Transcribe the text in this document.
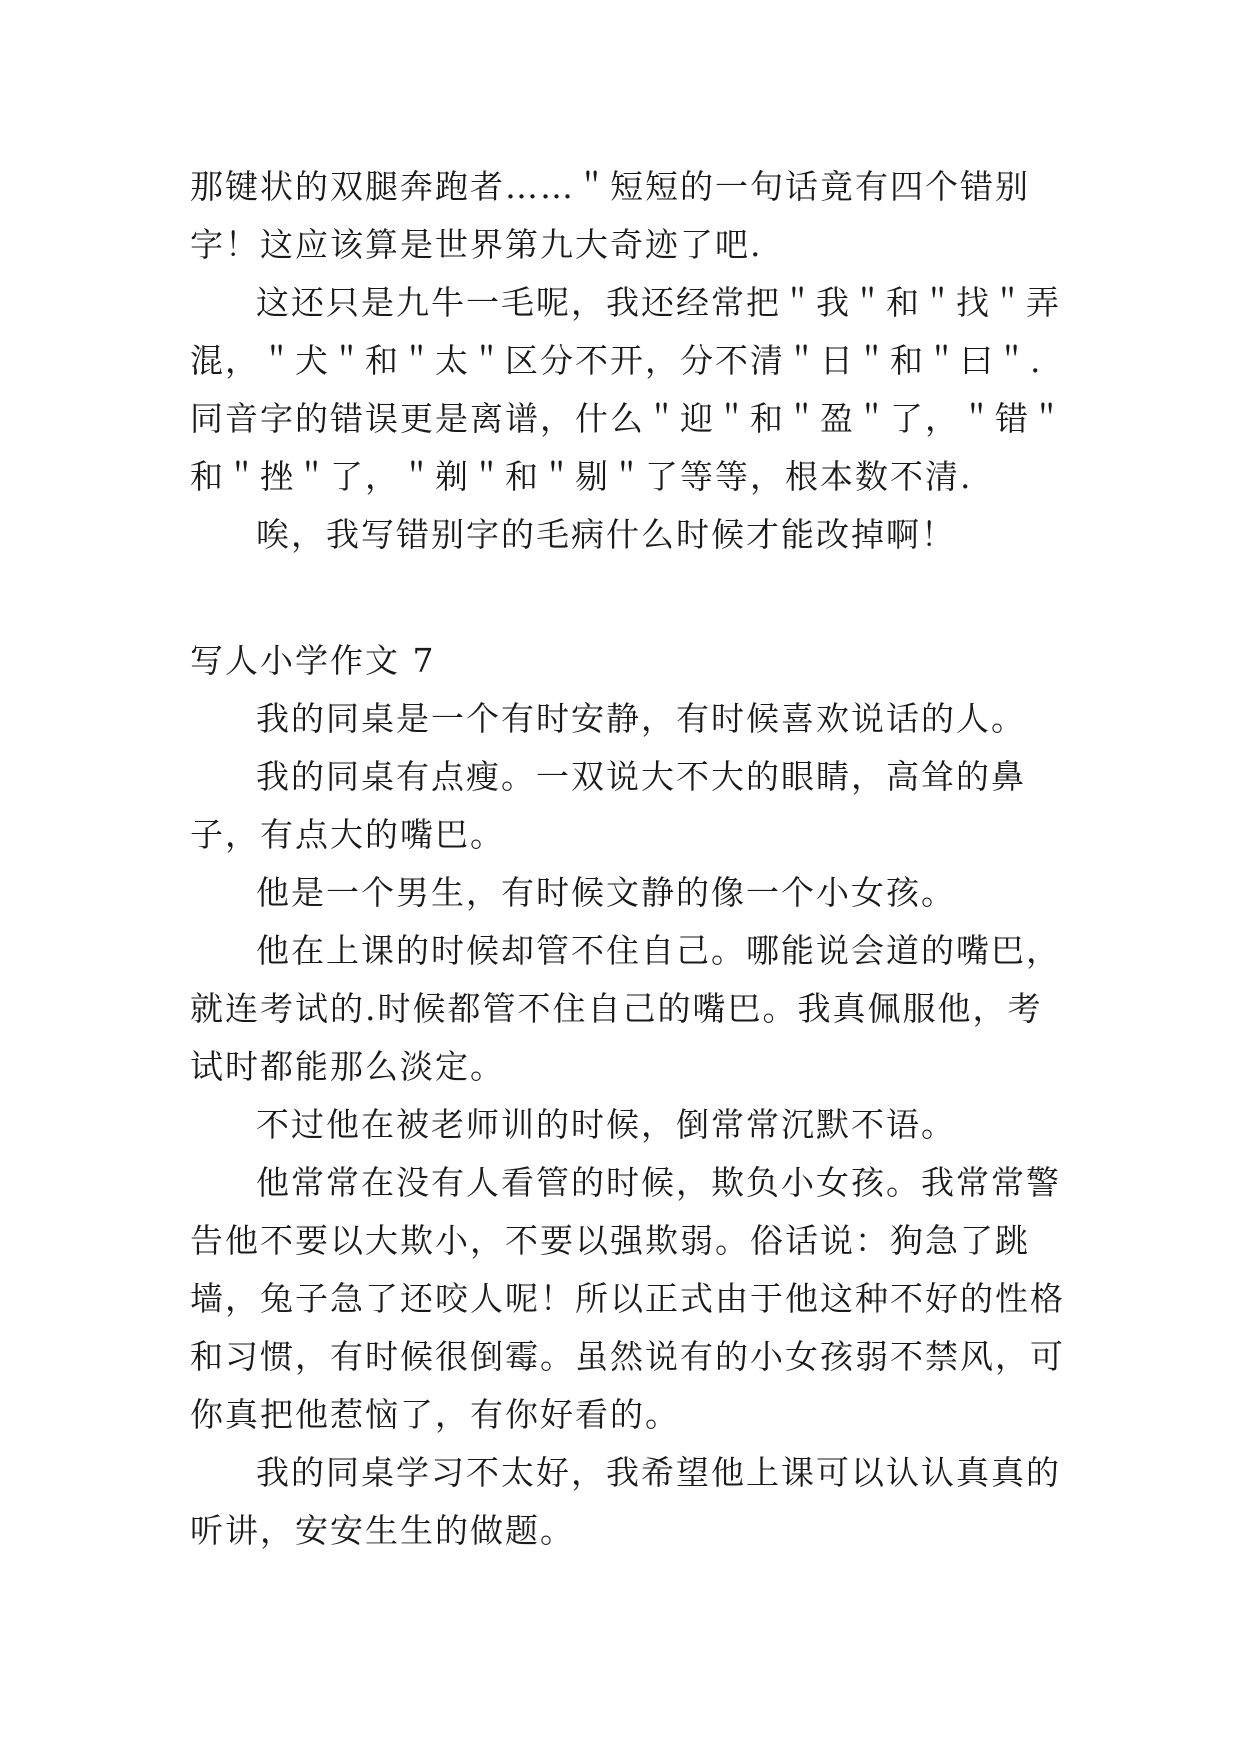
那键状的双腿奔跑者……＂短短的一句话竟有四个错别字！这应该算是世界第九大奇迹了吧.

这还只是九牛一毛呢，我还经常把＂我＂和＂找＂弄混，＂犬＂和＂太＂区分不开，分不清＂日＂和＂曰＂.同音字的错误更是离谱，什么＂迎＂和＂盈＂了，＂错＂和＂挫＂了，＂剃＂和＂剔＂了等等，根本数不清.

唉，我写错别字的毛病什么时候才能改掉啊！

写人小学作文 7

我的同桌是一个有时安静，有时候喜欢说话的人。

我的同桌有点瘦。一双说大不大的眼睛，高耸的鼻子，有点大的嘴巴。

他是一个男生，有时候文静的像一个小女孩。

他在上课的时候却管不住自己。哪能说会道的嘴巴，就连考试的.时候都管不住自己的嘴巴。我真佩服他，考试时都能那么淡定。

不过他在被老师训的时候，倒常常沉默不语。

他常常在没有人看管的时候，欺负小女孩。我常常警告他不要以大欺小，不要以强欺弱。俗话说：狗急了跳墙，兔子急了还咬人呢！所以正式由于他这种不好的性格和习惯，有时候很倒霉。虽然说有的小女孩弱不禁风，可你真把他惹恼了，有你好看的。

我的同桌学习不太好，我希望他上课可以认认真真的听讲，安安生生的做题。
